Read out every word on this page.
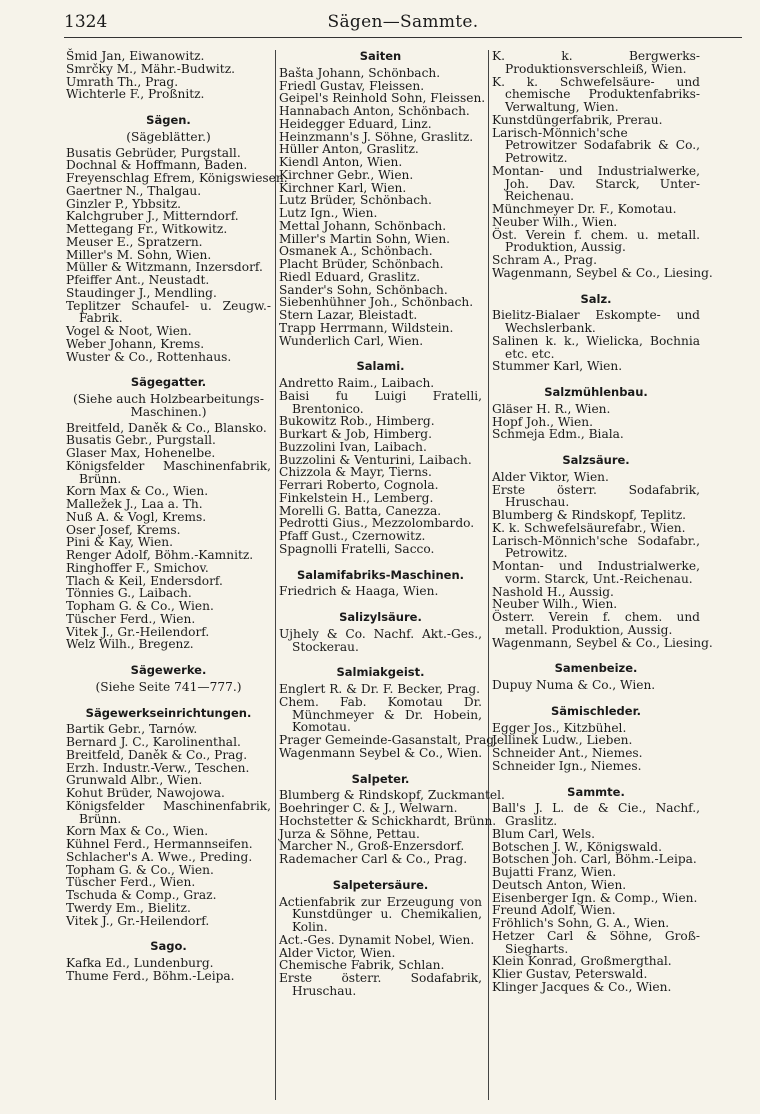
1324	Sägen—Sammte.
Šmid Jan, Eiwanowitz.
Smrčky M., Mähr.-Budwitz.
Umrath Th., Prag.
Wichterle F., Proßnitz.
Sägen.
(Sägeblätter.)
Busatis Gebrüder, Purgstall.
Dochnal & Hoffmann, Baden.
Freyenschlag Efrem, Königswiesen.
Gaertner N., Thalgau.
Ginzler P., Ybbsitz.
Kalchgruber J., Mitterndorf.
Mettegang Fr., Witkowitz.
Meuser E., Spratzern.
Miller's M. Sohn, Wien.
Müller & Witzmann, Inzersdorf.
Pfeiffer Ant., Neustadt.
Staudinger J., Mendling.
Teplitzer Schaufel- u. Zeugw.-Fabrik.
Vogel & Noot, Wien.
Weber Johann, Krems.
Wuster & Co., Rottenhaus.
Sägegatter.
(Siehe auch Holzbearbeitungs-Maschinen.)
Breitfeld, Daněk & Co., Blansko.
Busatis Gebr., Purgstall.
Glaser Max, Hohenelbe.
Königsfelder Maschinenfabrik, Brünn.
Korn Max & Co., Wien.
Malležek J., Laa a. Th.
Nuß A. & Vogl, Krems.
Oser Josef, Krems.
Pini & Kay, Wien.
Renger Adolf, Böhm.-Kamnitz.
Ringhoffer F., Smichov.
Tlach & Keil, Endersdorf.
Tönnies G., Laibach.
Topham G. & Co., Wien.
Tüscher Ferd., Wien.
Vitek J., Gr.-Heilendorf.
Welz Wilh., Bregenz.
Sägewerke.
(Siehe Seite 741—777.)
Sägewerkseinrichtungen.
Bartik Gebr., Tarnów.
Bernard J. C., Karolinenthal.
Breitfeld, Daněk & Co., Prag.
Erzh. Industr.-Verw., Teschen.
Grunwald Albr., Wien.
Kohut Brüder, Nawojowa.
Königsfelder Maschinenfabrik, Brünn.
Korn Max & Co., Wien.
Kühnel Ferd., Hermannseifen.
Schlacher's A. Wwe., Preding.
Topham G. & Co., Wien.
Tüscher Ferd., Wien.
Tschuda & Comp., Graz.
Twerdy Em., Bielitz.
Vitek J., Gr.-Heilendorf.
Sago.
Kafka Ed., Lundenburg.
Thume Ferd., Böhm.-Leipa.
Saiten
Bašta Johann, Schönbach.
Friedl Gustav, Fleissen.
Geipel's Reinhold Sohn, Fleissen.
Hannabach Anton, Schönbach.
Heidegger Eduard, Linz.
Heinzmann's J. Söhne, Graslitz.
Hüller Anton, Graslitz.
Kiendl Anton, Wien.
Kirchner Gebr., Wien.
Kirchner Karl, Wien.
Lutz Brüder, Schönbach.
Lutz Ign., Wien.
Mettal Johann, Schönbach.
Miller's Martin Sohn, Wien.
Osmanek A., Schönbach.
Placht Brüder, Schönbach.
Riedl Eduard, Graslitz.
Sander's Sohn, Schönbach.
Siebenhühner Joh., Schönbach.
Stern Lazar, Bleistadt.
Trapp Herrmann, Wildstein.
Wunderlich Carl, Wien.
Salami.
Andretto Raim., Laibach.
Baisi fu Luigi Fratelli, Brentonico.
Bukowitz Rob., Himberg.
Burkart & Job, Himberg.
Buzzolini Ivan, Laibach.
Buzzolini & Venturini, Laibach.
Chizzola & Mayr, Tierns.
Ferrari Roberto, Cognola.
Finkelstein H., Lemberg.
Morelli G. Batta, Canezza.
Pedrotti Gius., Mezzolombardo.
Pfaff Gust., Czernowitz.
Spagnolli Fratelli, Sacco.
Salamifabriks-Maschinen.
Friedrich & Haaga, Wien.
Salizylsäure.
Ujhely & Co. Nachf. Akt.-Ges., Stockerau.
Salmiakgeist.
Englert R. & Dr. F. Becker, Prag.
Chem. Fab. Komotau Dr. Münchmeyer & Dr. Hobein, Komotau.
Prager Gemeinde-Gasanstalt, Prag.
Wagenmann Seybel & Co., Wien.
Salpeter.
Blumberg & Rindskopf, Zuckmantel.
Boehringer C. & J., Welwarn.
Hochstetter & Schickhardt, Brünn.
Jurza & Söhne, Pettau.
Marcher N., Groß-Enzersdorf.
Rademacher Carl & Co., Prag.
Salpetersäure.
Actienfabrik zur Erzeugung von Kunstdünger u. Chemikalien, Kolin.
Act.-Ges. Dynamit Nobel, Wien.
Alder Victor, Wien.
Chemische Fabrik, Schlan.
Erste österr. Sodafabrik, Hruschau.
K. k. Bergwerks-Produktionsverschleiß, Wien.
K. k. Schwefelsäure- und chemische Produktenfabriks-Verwaltung, Wien.
Kunstdüngerfabrik, Prerau.
Larisch-Mönnich'sche Petrowitzer Sodafabrik & Co., Petrowitz.
Montan- und Industrialwerke, Joh. Dav. Starck, Unter-Reichenau.
Münchmeyer Dr. F., Komotau.
Neuber Wilh., Wien.
Öst. Verein f. chem. u. metall. Produktion, Aussig.
Schram A., Prag.
Wagenmann, Seybel & Co., Liesing.
Salz.
Bielitz-Bialaer Eskompte- und Wechslerbank.
Salinen k. k., Wielicka, Bochnia etc. etc.
Stummer Karl, Wien.
Salzmühlenbau.
Gläser H. R., Wien.
Hopf Joh., Wien.
Schmeja Edm., Biala.
Salzsäure.
Alder Viktor, Wien.
Erste österr. Sodafabrik, Hruschau.
Blumberg & Rindskopf, Teplitz.
K. k. Schwefelsäurefabr., Wien.
Larisch-Mönnich'sche Sodafabr., Petrowitz.
Montan- und Industrialwerke, vorm. Starck, Unt.-Reichenau.
Nashold H., Aussig.
Neuber Wilh., Wien.
Österr. Verein f. chem. und metall. Produktion, Aussig.
Wagenmann, Seybel & Co., Liesing.
Samenbeize.
Dupuy Numa & Co., Wien.
Sämischleder.
Egger Jos., Kitzbühel.
Jellinek Ludw., Lieben.
Schneider Ant., Niemes.
Schneider Ign., Niemes.
Sammte.
Ball's J. L. de & Cie., Nachf., Graslitz.
Blum Carl, Wels.
Botschen J. W., Königswald.
Botschen Joh. Carl, Böhm.-Leipa.
Bujatti Franz, Wien.
Deutsch Anton, Wien.
Eisenberger Ign. & Comp., Wien.
Freund Adolf, Wien.
Fröhlich's Sohn, G. A., Wien.
Hetzer Carl & Söhne, Groß-Siegharts.
Klein Konrad, Großmergthal.
Klier Gustav, Peterswald.
Klinger Jacques & Co., Wien.
